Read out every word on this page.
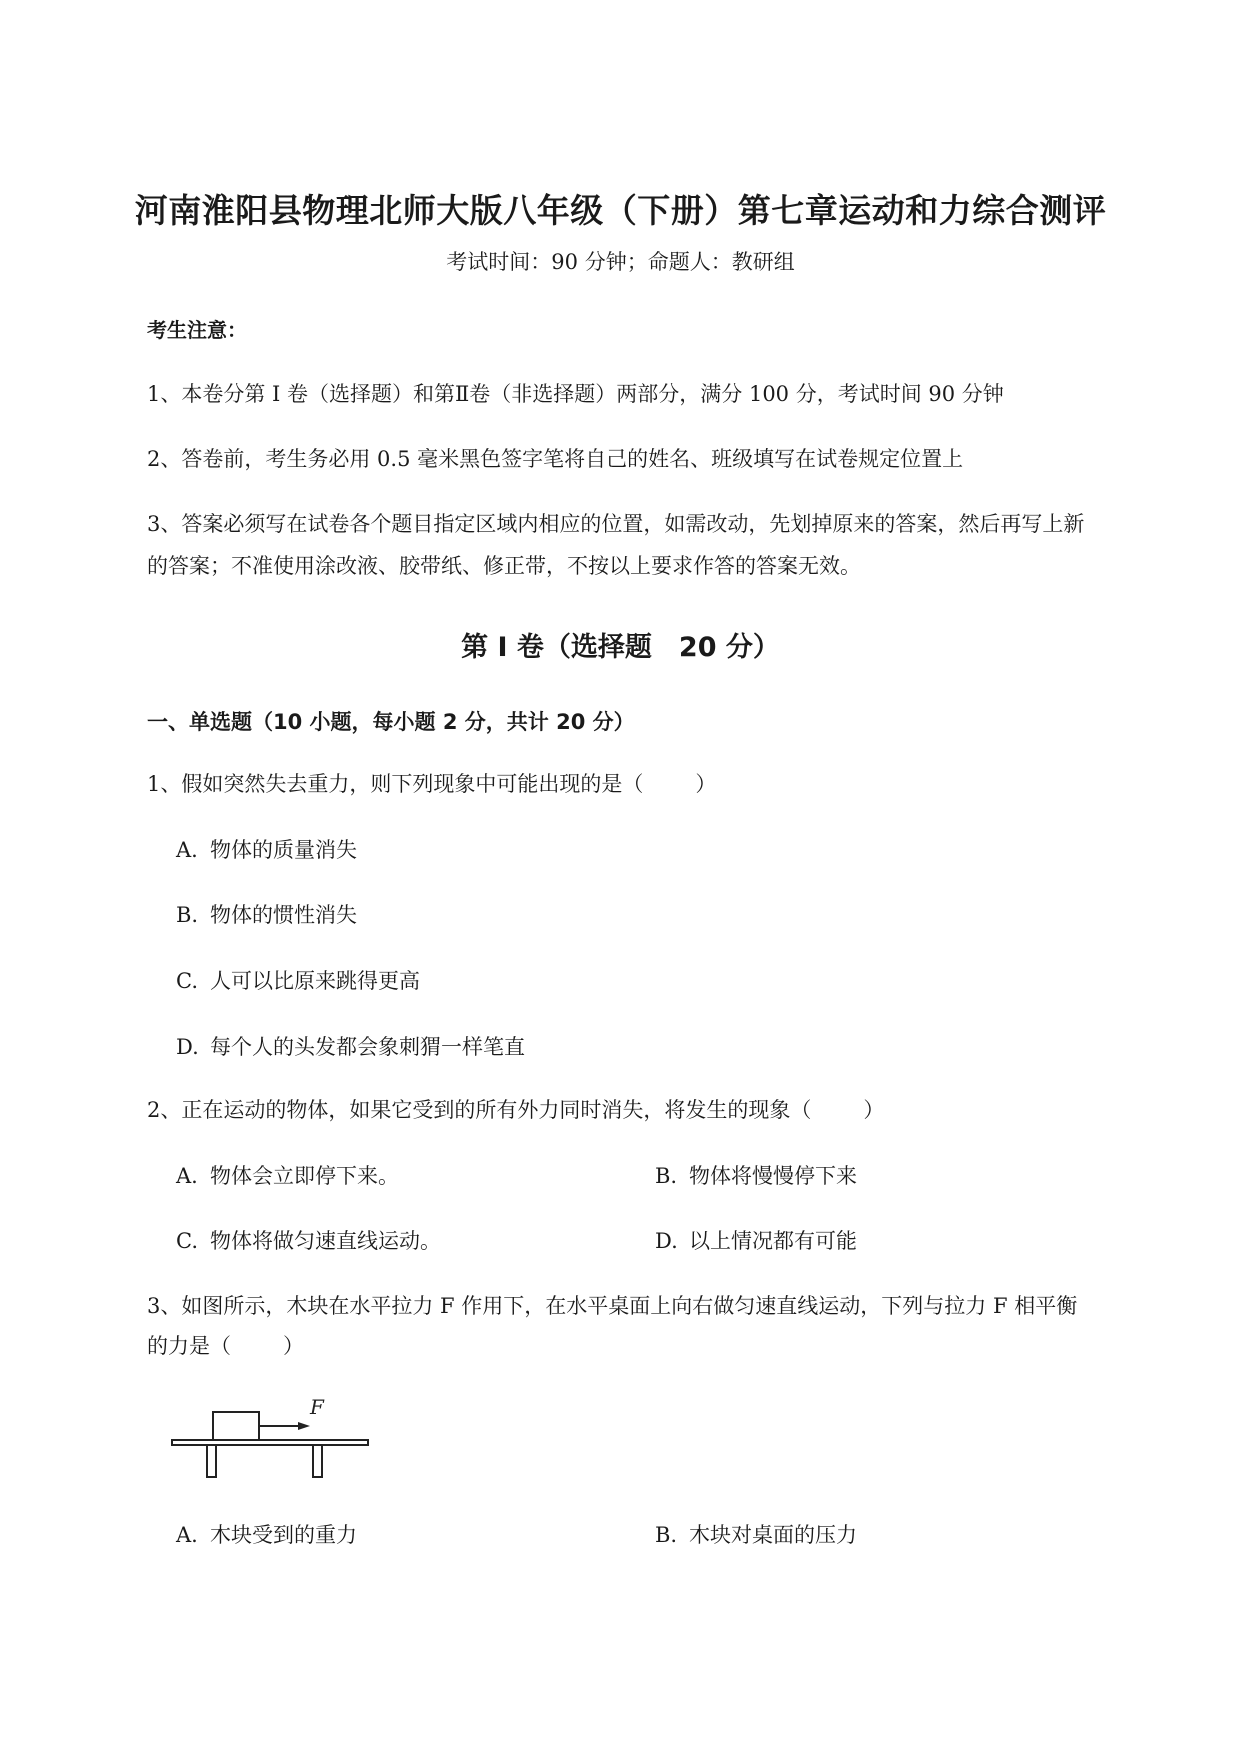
河南淮阳县物理北师大版八年级（下册）第七章运动和力综合测评
考试时间：90 分钟；命题人：教研组
考生注意：
1、本卷分第 I 卷（选择题）和第Ⅱ卷（非选择题）两部分，满分 100 分，考试时间 90 分钟
2、答卷前，考生务必用 0.5 毫米黑色签字笔将自己的姓名、班级填写在试卷规定位置上
3、答案必须写在试卷各个题目指定区域内相应的位置，如需改动，先划掉原来的答案，然后再写上新
的答案；不准使用涂改液、胶带纸、修正带，不按以上要求作答的答案无效。
第 I 卷（选择题　20 分）
一、单选题（10 小题，每小题 2 分，共计 20 分）
1、假如突然失去重力，则下列现象中可能出现的是（ ）
A. 物体的质量消失
B. 物体的惯性消失
C. 人可以比原来跳得更高
D. 每个人的头发都会象刺猬一样笔直
2、正在运动的物体，如果它受到的所有外力同时消失，将发生的现象（ ）
A. 物体会立即停下来。	B. 物体将慢慢停下来
C. 物体将做匀速直线运动。	D. 以上情况都有可能
3、如图所示，木块在水平拉力 F 作用下，在水平桌面上向右做匀速直线运动，下列与拉力 F 相平衡
的力是（ ）
F
A. 木块受到的重力	B. 木块对桌面的压力
